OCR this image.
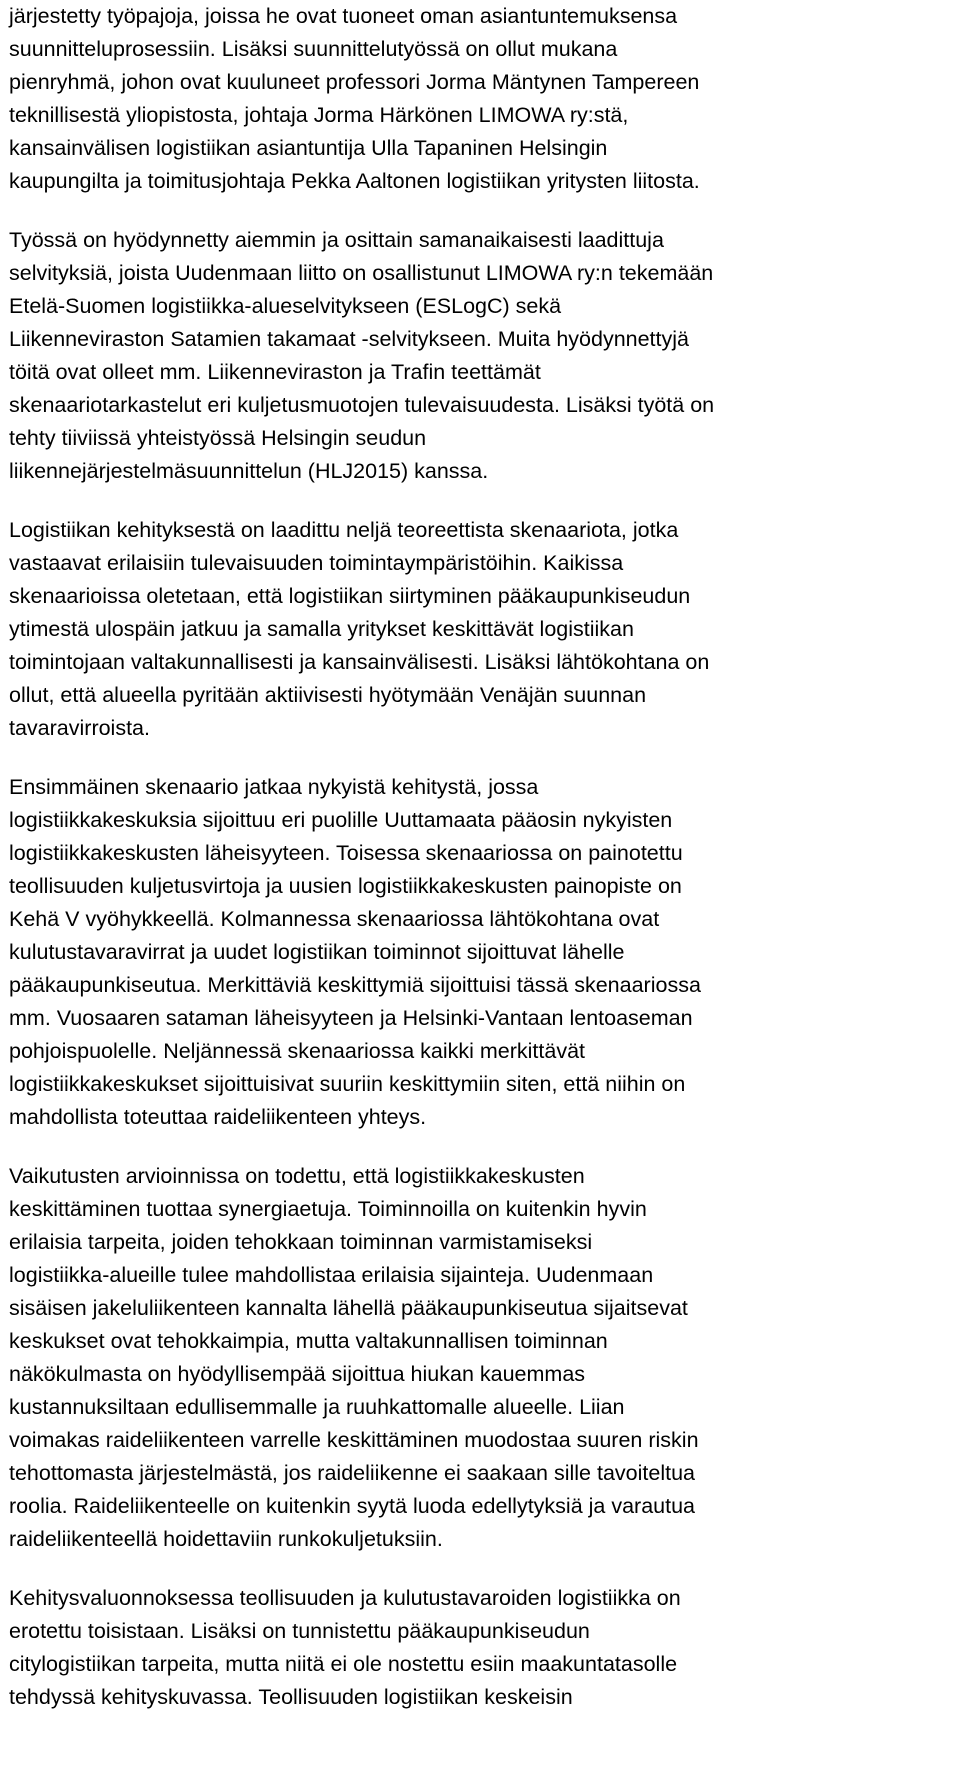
järjestetty työpajoja, joissa he ovat tuoneet oman asiantuntemuksensa
suunnitteluprosessiin. Lisäksi suunnittelutyössä on ollut mukana
pienryhmä, johon ovat kuuluneet professori Jorma Mäntynen Tampereen
teknillisestä yliopistosta, johtaja Jorma Härkönen LIMOWA ry:stä,
kansainvälisen logistiikan asiantuntija Ulla Tapaninen Helsingin
kaupungilta ja toimitusjohtaja Pekka Aaltonen logistiikan yritysten liitosta.
Työssä on hyödynnetty aiemmin ja osittain samanaikaisesti laadittuja
selvityksiä, joista Uudenmaan liitto on osallistunut LIMOWA ry:n tekemään
Etelä-Suomen logistiikka-alueselvitykseen (ESLogC) sekä
Liikenneviraston Satamien takamaat -selvitykseen. Muita hyödynnettyjä
töitä ovat olleet mm. Liikenneviraston ja Trafin teettämät
skenaariotarkastelut eri kuljetusmuotojen tulevaisuudesta. Lisäksi työtä on
tehty tiiviissä yhteistyössä Helsingin seudun
liikennejärjestelmäsuunnittelun (HLJ2015) kanssa.
Logistiikan kehityksestä on laadittu neljä teoreettista skenaariota, jotka
vastaavat erilaisiin tulevaisuuden toimintaympäristöihin. Kaikissa
skenaarioissa oletetaan, että logistiikan siirtyminen pääkaupunkiseudun
ytimestä ulospäin jatkuu ja samalla yritykset keskittävät logistiikan
toimintojaan valtakunnallisesti ja kansainvälisesti. Lisäksi lähtökohtana on
ollut, että alueella pyritään aktiivisesti hyötymään Venäjän suunnan
tavaravirroista.
Ensimmäinen skenaario jatkaa nykyistä kehitystä, jossa
logistiikkakeskuksia sijoittuu eri puolille Uuttamaata pääosin nykyisten
logistiikkakeskusten läheisyyteen. Toisessa skenaariossa on painotettu
teollisuuden kuljetusvirtoja ja uusien logistiikkakeskusten painopiste on
Kehä V vyöhykkeellä. Kolmannessa skenaariossa lähtökohtana ovat
kulutustavaravirrat ja uudet logistiikan toiminnot sijoittuvat lähelle
pääkaupunkiseutua. Merkittäviä keskittymiä sijoittuisi tässä skenaariossa
mm. Vuosaaren sataman läheisyyteen ja Helsinki-Vantaan lentoaseman
pohjoispuolelle. Neljännessä skenaariossa kaikki merkittävät
logistiikkakeskukset sijoittuisivat suuriin keskittymiin siten, että niihin on
mahdollista toteuttaa raideliikenteen yhteys.
Vaikutusten arvioinnissa on todettu, että logistiikkakeskusten
keskittäminen tuottaa synergiaetuja. Toiminnoilla on kuitenkin hyvin
erilaisia tarpeita, joiden tehokkaan toiminnan varmistamiseksi
logistiikka-alueille tulee mahdollistaa erilaisia sijainteja. Uudenmaan
sisäisen jakeluliikenteen kannalta lähellä pääkaupunkiseutua sijaitsevat
keskukset ovat tehokkaimpia, mutta valtakunnallisen toiminnan
näkökulmasta on hyödyllisempää sijoittua hiukan kauemmas
kustannuksiltaan edullisemmalle ja ruuhkattomalle alueelle. Liian
voimakas raideliikenteen varrelle keskittäminen muodostaa suuren riskin
tehottomasta järjestelmästä, jos raideliikenne ei saakaan sille tavoiteltua
roolia. Raideliikenteelle on kuitenkin syytä luoda edellytyksiä ja varautua
raideliikenteellä hoidettaviin runkokuljetuksiin.
Kehitysvaluonnoksessa teollisuuden ja kulutustavaroiden logistiikka on
erotettu toisistaan. Lisäksi on tunnistettu pääkaupunkiseudun
citylogistiikan tarpeita, mutta niitä ei ole nostettu esiin maakuntatasolle
tehdyssä kehityskuvassa. Teollisuuden logistiikan keskeisin
